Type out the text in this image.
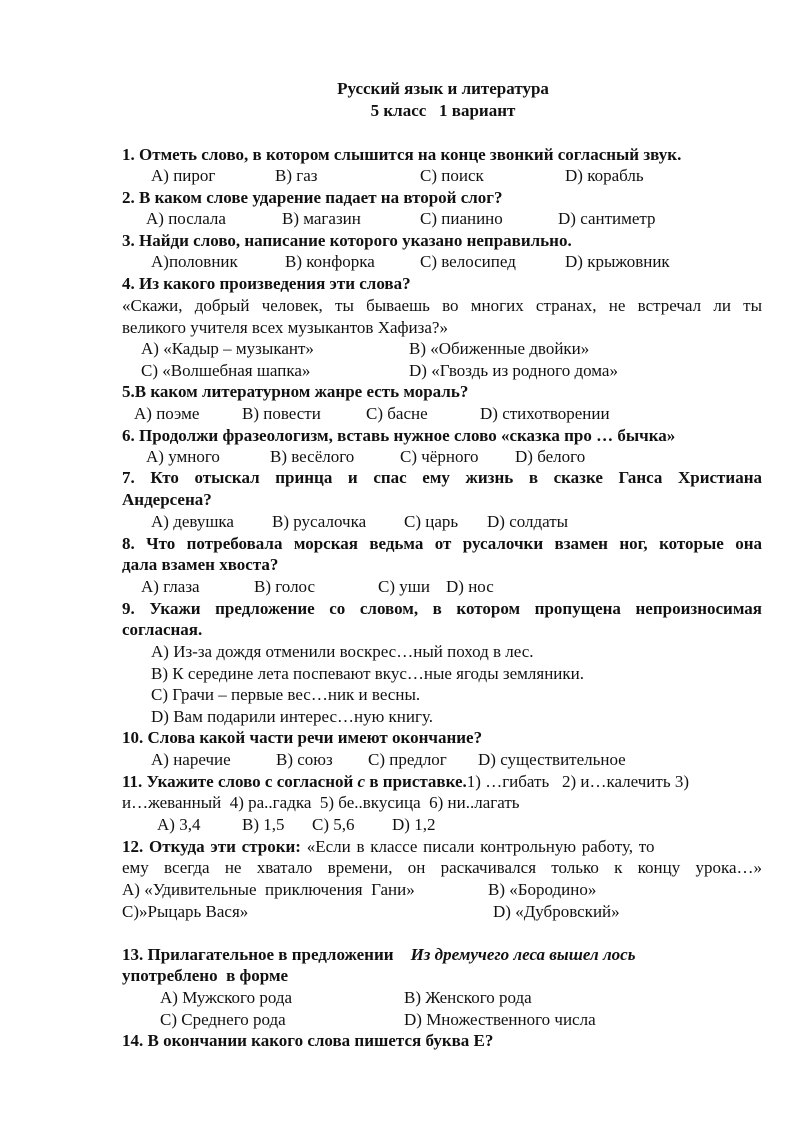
Русский язык и литература
5 класс   1 вариант
1. Отметь слово, в котором слышится на конце звонкий согласный звук.
А) пирог	В) газ	С) поиск	D) корабль
2. В каком слове ударение падает на второй слог?
А) послала	В) магазин	С) пианино	D) сантиметр
3. Найди слово, написание которого указано неправильно.
А)половник	В) конфорка	С) велосипед	D) крыжовник
4. Из какого произведения эти слова?
«Скажи, добрый человек, ты бываешь во многих странах, не встречал ли ты
великого учителя всех музыкантов Хафиза?»
А) «Кадыр – музыкант»	В) «Обиженные двойки»
С) «Волшебная шапка»	D) «Гвоздь из родного дома»
5.В каком литературном жанре есть мораль?
А) поэме	В) повести	С) басне	D) стихотворении
6. Продолжи фразеологизм, вставь нужное слово «сказка про … бычка»
А) умного	В) весёлого	С) чёрного D) белого
7. Кто отыскал принца и спас ему жизнь в сказке Ганса Христиана
Андерсена?
А) девушка В) русалочка С) царь D) солдаты
8. Что потребовала морская ведьма от русалочки взамен ног, которые она
дала взамен хвоста?
А) глаза	В) голос	С) уши D) нос
9. Укажи предложение со словом, в котором пропущена непроизносимая
согласная.
А) Из-за дождя отменили воскрес…ный поход в лес.
В) К середине лета поспевают вкус…ные ягоды земляники.
С) Грачи – первые вес…ник и весны.
D) Вам подарили интерес…ную книгу.
10. Слова какой части речи имеют окончание?
А) наречие	В) союз С) предлог D) существительное
11. Укажите слово с согласной с в приставке.1) …гибать   2) и…калечить 3)
и…жеванный  4) ра..гадка  5) бе..вкусица  6) ни..лагать
А) 3,4 В) 1,5 С) 5,6 D) 1,2
12. Откуда эти строки: «Если в классе писали контрольную работу, то
ему всегда не хватало времени, он раскачивался только к концу урока…»
А) «Удивительные  приключения  Гани»	В) «Бородино»
С)»Рыцарь Вася»	D) «Дубровский»
13. Прилагательное в предложении Из дремучего леса вышел лось
употреблено  в форме
А) Мужского рода	В) Женского рода
С) Среднего рода	D) Множественного числа
14. В окончании какого слова пишется буква Е?
